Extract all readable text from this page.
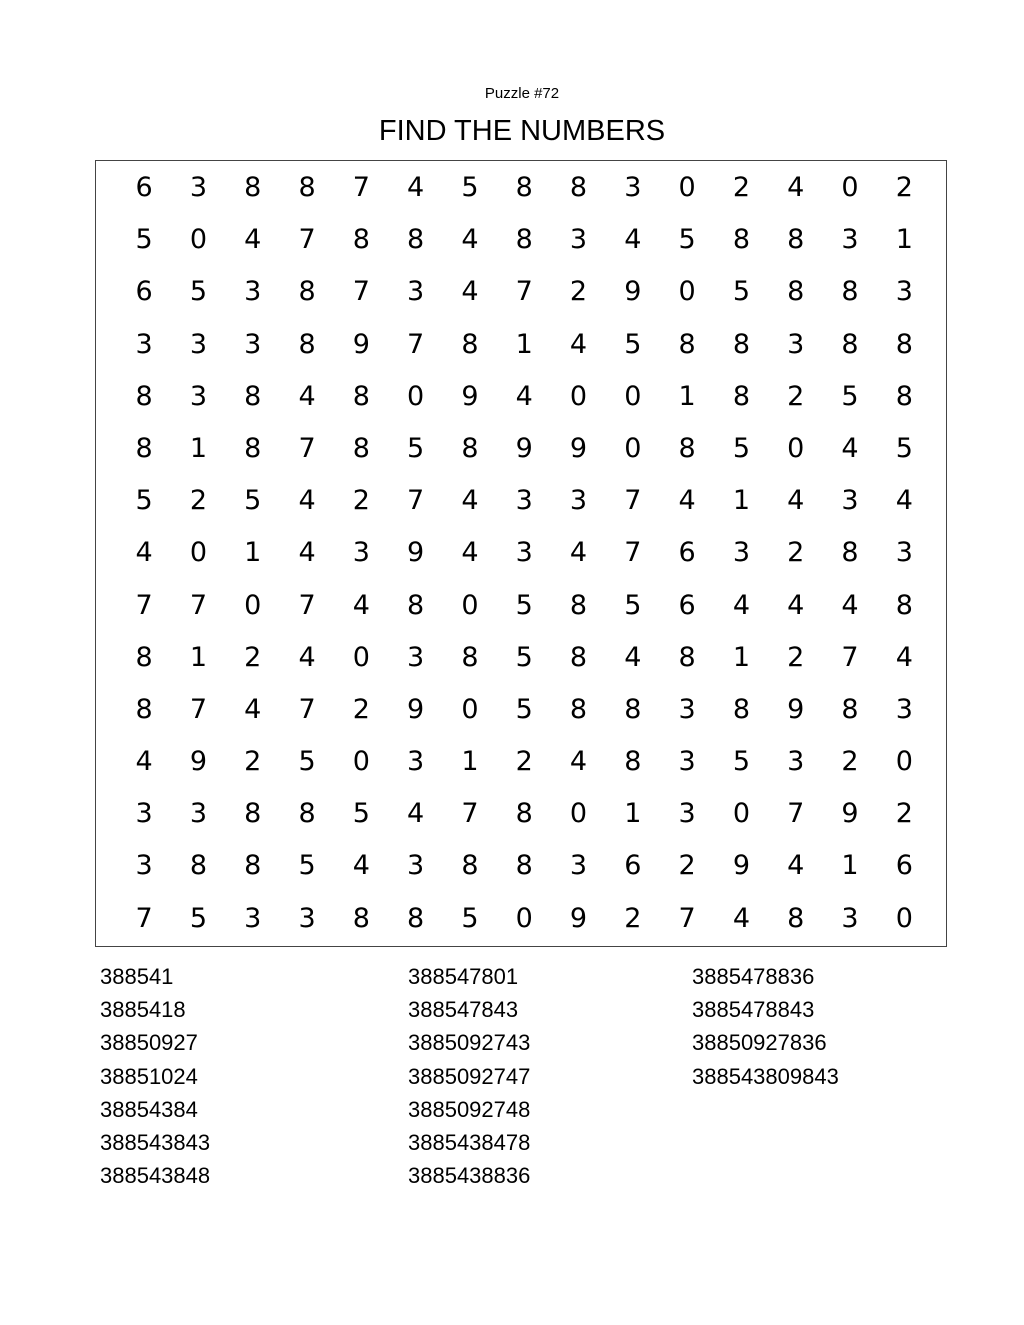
Puzzle #72
FIND THE NUMBERS
6	3	8	8	7	4	5	8	8	3	0	2	4	0	2
5	0	4	7	8	8	4	8	3	4	5	8	8	3	1
6	5	3	8	7	3	4	7	2	9	0	5	8	8	3
3	3	3	8	9	7	8	1	4	5	8	8	3	8	8
8	3	8	4	8	0	9	4	0	0	1	8	2	5	8
8	1	8	7	8	5	8	9	9	0	8	5	0	4	5
5	2	5	4	2	7	4	3	3	7	4	1	4	3	4
4	0	1	4	3	9	4	3	4	7	6	3	2	8	3
7	7	0	7	4	8	0	5	8	5	6	4	4	4	8
8	1	2	4	0	3	8	5	8	4	8	1	2	7	4
8	7	4	7	2	9	0	5	8	8	3	8	9	8	3
4	9	2	5	0	3	1	2	4	8	3	5	3	2	0
3	3	8	8	5	4	7	8	0	1	3	0	7	9	2
3	8	8	5	4	3	8	8	3	6	2	9	4	1	6
7	5	3	3	8	8	5	0	9	2	7	4	8	3	0
388541
3885418
38850927
38851024
38854384
388543843
388543848
388547801
388547843
3885092743
3885092747
3885092748
3885438478
3885438836
3885478836
3885478843
38850927836
388543809843
